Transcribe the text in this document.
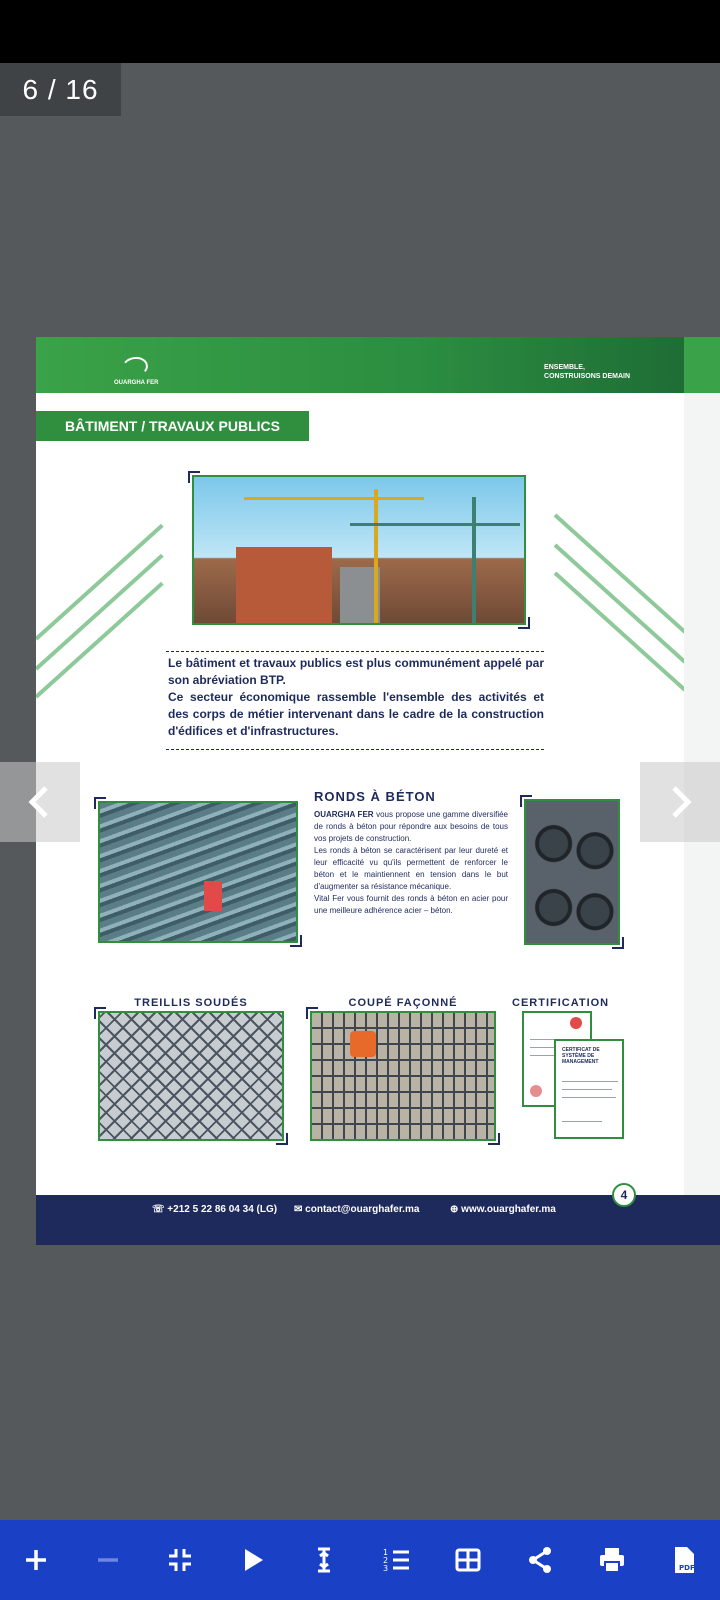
6 / 16
OUARGHA FER
ENSEMBLE,
CONSTRUISONS DEMAIN
BÂTIMENT / TRAVAUX PUBLICS
Le bâtiment et travaux publics est plus communément appelé par son abréviation BTP.
Ce secteur économique rassemble l'ensemble des activités et des corps de métier intervenant dans le cadre de la construction d'édifices et d'infrastructures.
RONDS À BÉTON
OUARGHA FER vous propose une gamme diversifiée de ronds à béton pour répondre aux besoins de tous vos projets de construction.
Les ronds à béton se caractérisent par leur dureté et leur efficacité vu qu'ils permettent de renforcer le béton et le maintiennent en tension dans le but d'augmenter sa résistance mécanique.
Vital Fer vous fournit des ronds à béton en acier pour une meilleure adhérence acier – béton.
TREILLIS SOUDÉS	COUPÉ FAÇONNÉ	CERTIFICATION
CERTIFICAT DE SYSTÈME DE MANAGEMENT
4
☏ +212 5 22 86 04 34 (LG) ✉ contact@ouarghafer.ma	⊕ www.ouarghafer.ma
1
2
3	PDF
